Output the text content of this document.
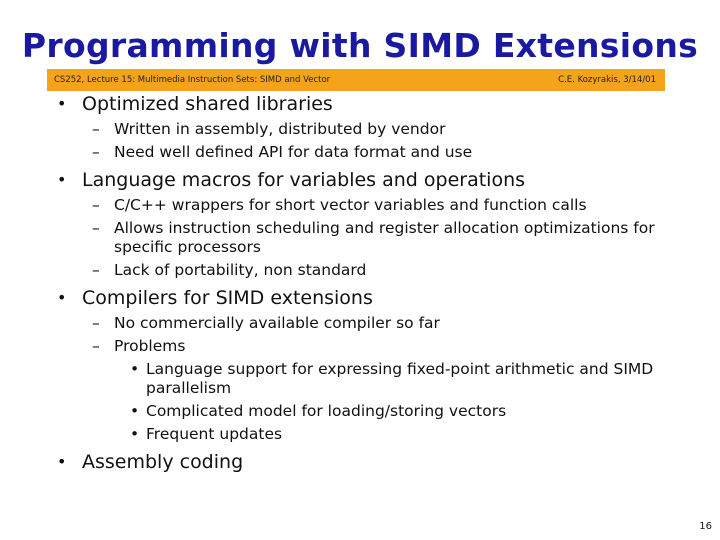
Programming with SIMD Extensions
CS252, Lecture 15: Multimedia Instruction Sets: SIMD and Vector	C.E. Kozyrakis, 3/14/01
• Optimized shared libraries
– Written in assembly, distributed by vendor
– Need well defined API for data format and use
• Language macros for variables and operations
– C/C++ wrappers for short vector variables and function calls
– Allows instruction scheduling and register allocation optimizations for specific processors
– Lack of portability, non standard
• Compilers for SIMD extensions
– No commercially available compiler so far
– Problems
• Language support for expressing fixed-point arithmetic and SIMD parallelism
• Complicated model for loading/storing vectors
• Frequent updates
• Assembly coding
16
